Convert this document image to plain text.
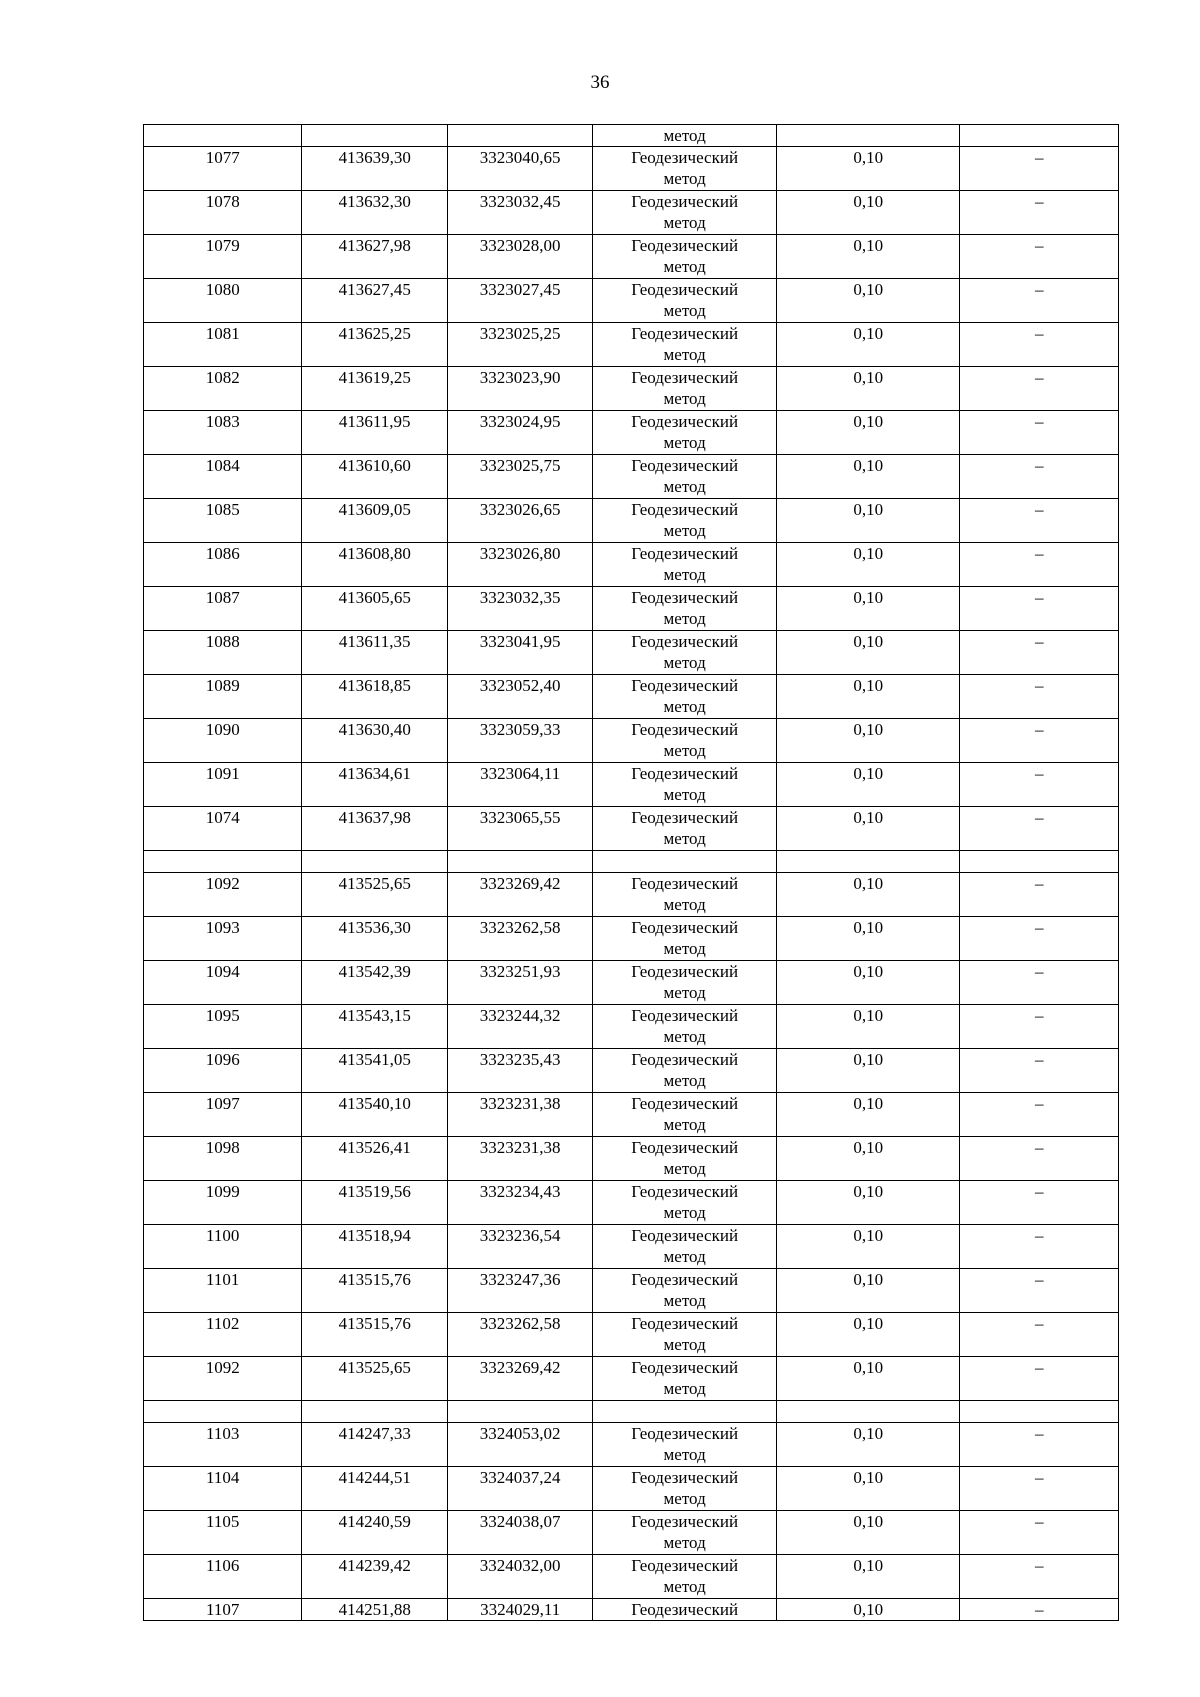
36
			метод		
1077	413639,30	3323040,65	Геодезический
метод	0,10	–
1078	413632,30	3323032,45	Геодезический
метод	0,10	–
1079	413627,98	3323028,00	Геодезический
метод	0,10	–
1080	413627,45	3323027,45	Геодезический
метод	0,10	–
1081	413625,25	3323025,25	Геодезический
метод	0,10	–
1082	413619,25	3323023,90	Геодезический
метод	0,10	–
1083	413611,95	3323024,95	Геодезический
метод	0,10	–
1084	413610,60	3323025,75	Геодезический
метод	0,10	–
1085	413609,05	3323026,65	Геодезический
метод	0,10	–
1086	413608,80	3323026,80	Геодезический
метод	0,10	–
1087	413605,65	3323032,35	Геодезический
метод	0,10	–
1088	413611,35	3323041,95	Геодезический
метод	0,10	–
1089	413618,85	3323052,40	Геодезический
метод	0,10	–
1090	413630,40	3323059,33	Геодезический
метод	0,10	–
1091	413634,61	3323064,11	Геодезический
метод	0,10	–
1074	413637,98	3323065,55	Геодезический
метод	0,10	–

1092	413525,65	3323269,42	Геодезический
метод	0,10	–
1093	413536,30	3323262,58	Геодезический
метод	0,10	–
1094	413542,39	3323251,93	Геодезический
метод	0,10	–
1095	413543,15	3323244,32	Геодезический
метод	0,10	–
1096	413541,05	3323235,43	Геодезический
метод	0,10	–
1097	413540,10	3323231,38	Геодезический
метод	0,10	–
1098	413526,41	3323231,38	Геодезический
метод	0,10	–
1099	413519,56	3323234,43	Геодезический
метод	0,10	–
1100	413518,94	3323236,54	Геодезический
метод	0,10	–
1101	413515,76	3323247,36	Геодезический
метод	0,10	–
1102	413515,76	3323262,58	Геодезический
метод	0,10	–
1092	413525,65	3323269,42	Геодезический
метод	0,10	–

1103	414247,33	3324053,02	Геодезический
метод	0,10	–
1104	414244,51	3324037,24	Геодезический
метод	0,10	–
1105	414240,59	3324038,07	Геодезический
метод	0,10	–
1106	414239,42	3324032,00	Геодезический
метод	0,10	–
1107	414251,88	3324029,11	Геодезический	0,10	–
